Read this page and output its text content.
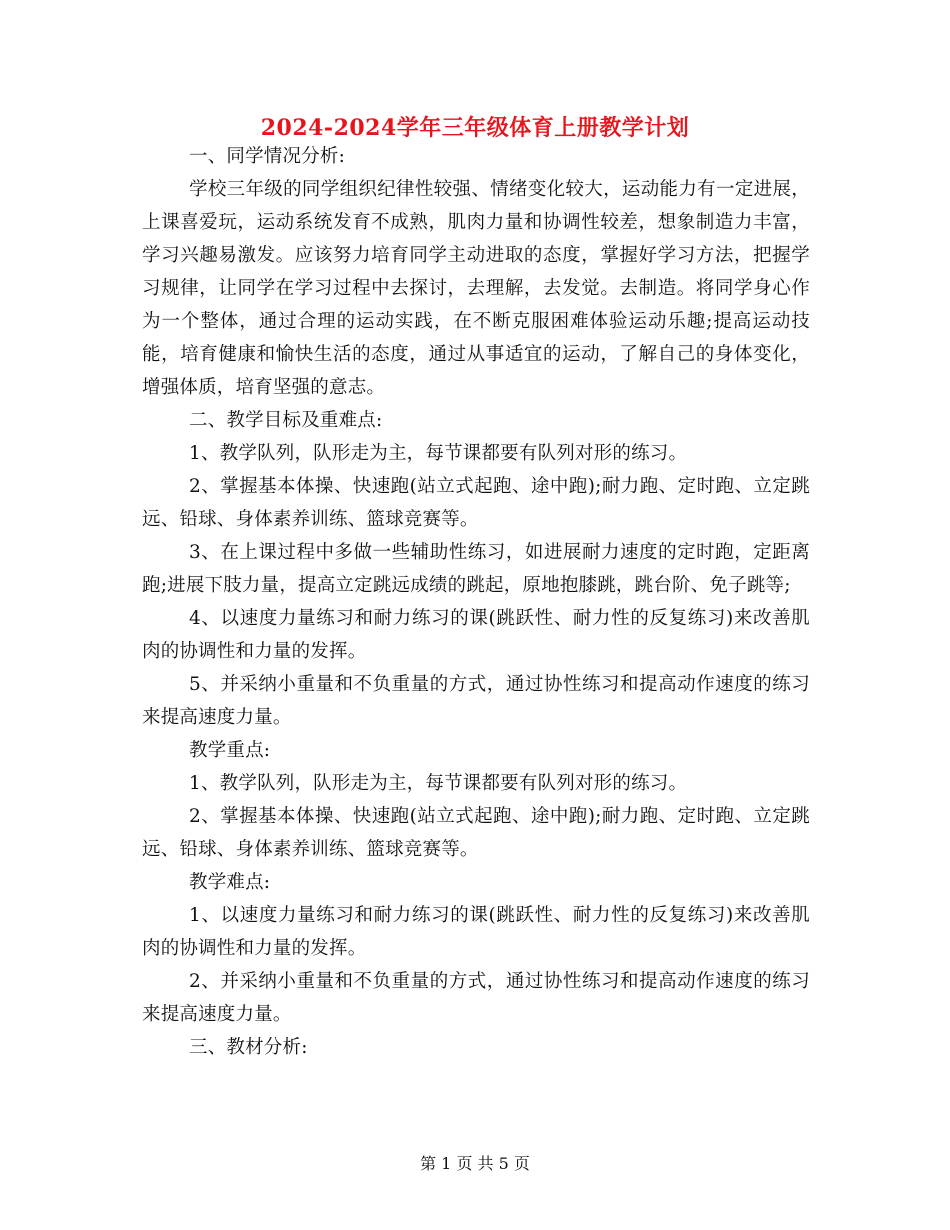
2024-2024学年三年级体育上册教学计划

一、同学情况分析:

学校三年级的同学组织纪律性较强、情绪变化较大，运动能力有一定进展，上课喜爱玩，运动系统发育不成熟，肌肉力量和协调性较差，想象制造力丰富，学习兴趣易激发。应该努力培育同学主动进取的态度，掌握好学习方法，把握学习规律，让同学在学习过程中去探讨，去理解，去发觉。去制造。将同学身心作为一个整体，通过合理的运动实践，在不断克服困难体验运动乐趣;提高运动技能，培育健康和愉快生活的态度，通过从事适宜的运动，了解自己的身体变化，增强体质，培育坚强的意志。

二、教学目标及重难点:

1、教学队列，队形走为主，每节课都要有队列对形的练习。

2、掌握基本体操、快速跑(站立式起跑、途中跑);耐力跑、定时跑、立定跳远、铅球、身体素养训练、篮球竞赛等。

3、在上课过程中多做一些辅助性练习，如进展耐力速度的定时跑，定距离跑;进展下肢力量，提高立定跳远成绩的跳起，原地抱膝跳，跳台阶、免子跳等;

4、以速度力量练习和耐力练习的课(跳跃性、耐力性的反复练习)来改善肌肉的协调性和力量的发挥。

5、并采纳小重量和不负重量的方式，通过协性练习和提高动作速度的练习来提高速度力量。

教学重点:

1、教学队列，队形走为主，每节课都要有队列对形的练习。

2、掌握基本体操、快速跑(站立式起跑、途中跑);耐力跑、定时跑、立定跳远、铅球、身体素养训练、篮球竞赛等。

教学难点:

1、以速度力量练习和耐力练习的课(跳跃性、耐力性的反复练习)来改善肌肉的协调性和力量的发挥。

2、并采纳小重量和不负重量的方式，通过协性练习和提高动作速度的练习来提高速度力量。

三、教材分析:

第 1 页 共 5 页
